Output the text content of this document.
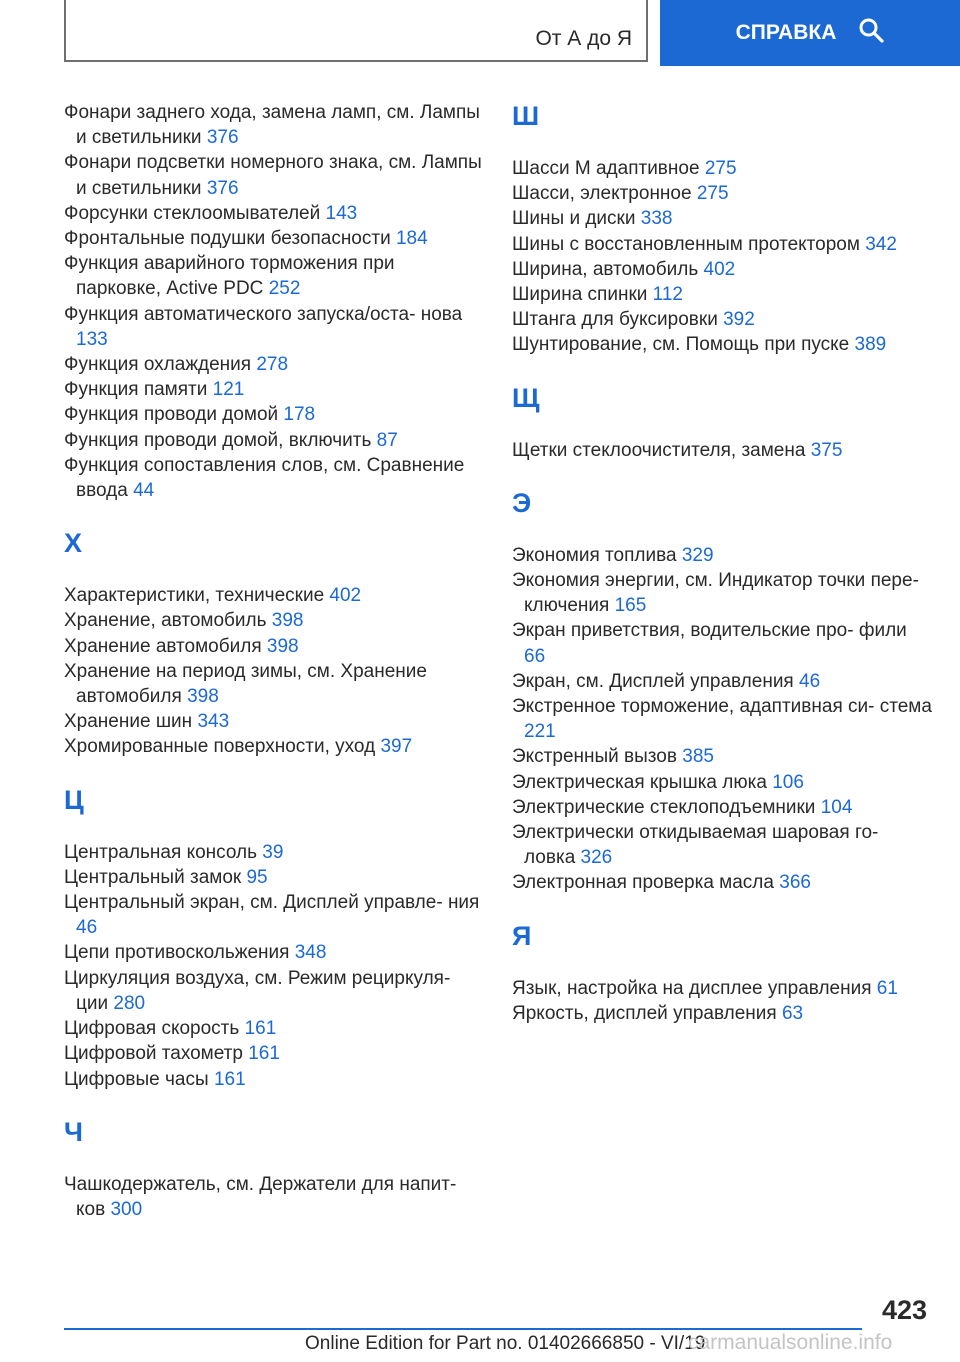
От А до Я	СПРАВКА
Фонари заднего хода, замена ламп, см. Лампы и светильники 376
Фонари подсветки номерного знака, см. Лампы и светильники 376
Форсунки стеклоомывателей 143
Фронтальные подушки безопасности 184
Функция аварийного торможения при парковке, Active PDC 252
Функция автоматического запуска/оста‐ нова 133
Функция охлаждения 278
Функция памяти 121
Функция проводи домой 178
Функция проводи домой, включить 87
Функция сопоставления слов, см. Сравнение ввода 44
Х
Характеристики, технические 402
Хранение, автомобиль 398
Хранение автомобиля 398
Хранение на период зимы, см. Хранение автомобиля 398
Хранение шин 343
Хромированные поверхности, уход 397
Ц
Центральная консоль 39
Центральный замок 95
Центральный экран, см. Дисплей управле‐ ния 46
Цепи противоскольжения 348
Циркуляция воздуха, см. Режим рециркуля‐ ции 280
Цифровая скорость 161
Цифровой тахометр 161
Цифровые часы 161
Ч
Чашкодержатель, см. Держатели для напит‐ ков 300
Ш
Шасси M адаптивное 275
Шасси, электронное 275
Шины и диски 338
Шины с восстановленным протектором 342
Ширина, автомобиль 402
Ширина спинки 112
Штанга для буксировки 392
Шунтирование, см. Помощь при пуске 389
Щ
Щетки стеклоочистителя, замена 375
Э
Экономия топлива 329
Экономия энергии, см. Индикатор точки пере‐ ключения 165
Экран приветствия, водительские про‐ фили 66
Экран, см. Дисплей управления 46
Экстренное торможение, адаптивная си‐ стема 221
Экстренный вызов 385
Электрическая крышка люка 106
Электрические стеклоподъемники 104
Электрически откидываемая шаровая го‐ ловка 326
Электронная проверка масла 366
Я
Язык, настройка на дисплее управления 61
Яркость, дисплей управления 63
423
Online Edition for Part no. 01402666850 - VI/19
carmanualsonline.info
